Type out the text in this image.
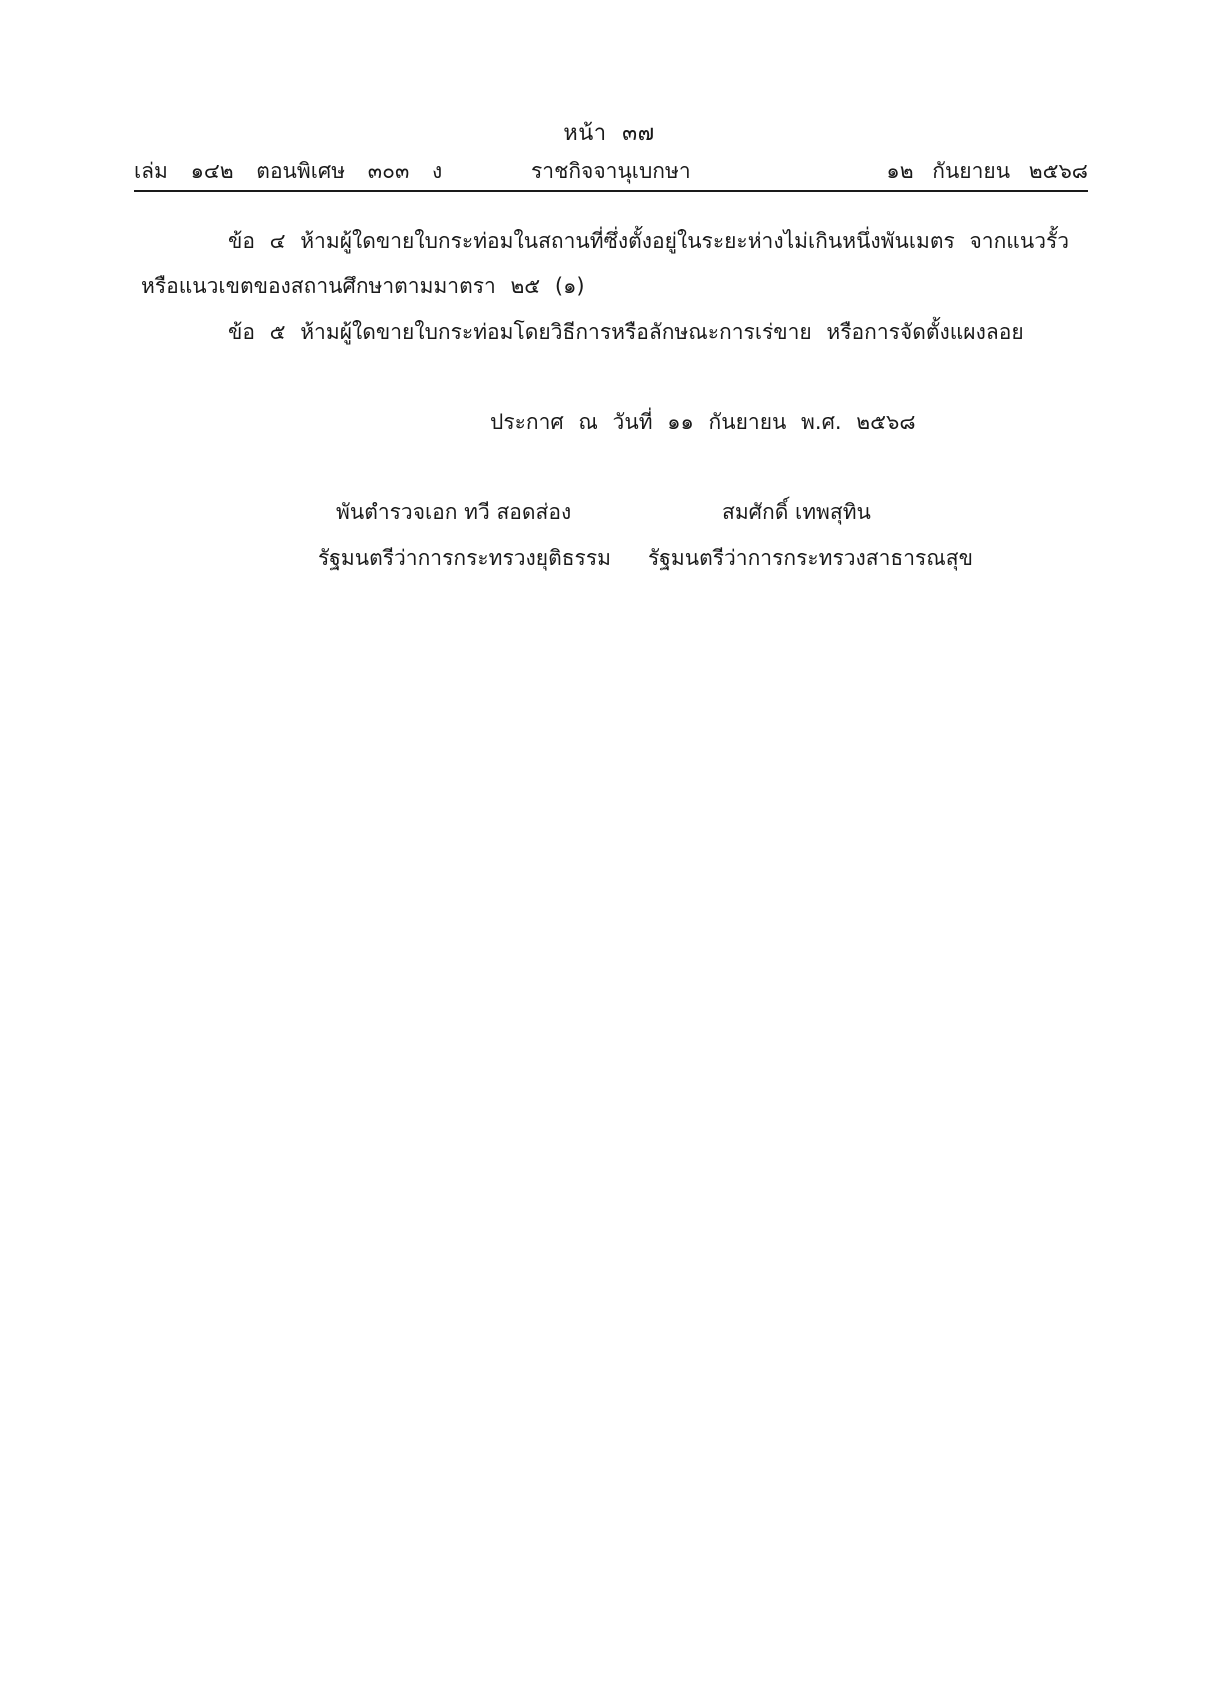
หน้า ๓๗
เล่ม ๑๔๒ ตอนพิเศษ ๓๐๓ ง	ราชกิจจานุเบกษา	๑๒ กันยายน ๒๕๖๘
ข้อ ๔ ห้ามผู้ใดขายใบกระท่อมในสถานที่ซึ่งตั้งอยู่ในระยะห่างไม่เกินหนึ่งพันเมตร จากแนวรั้ว
หรือแนวเขตของสถานศึกษาตามมาตรา ๒๕ (๑)
ข้อ ๕ ห้ามผู้ใดขายใบกระท่อมโดยวิธีการหรือลักษณะการเร่ขาย หรือการจัดตั้งแผงลอย
ประกาศ ณ วันที่ ๑๑ กันยายน พ.ศ. ๒๕๖๘
พันตำรวจเอก ทวี สอดส่อง	สมศักดิ์ เทพสุทิน
รัฐมนตรีว่าการกระทรวงยุติธรรม รัฐมนตรีว่าการกระทรวงสาธารณสุข
